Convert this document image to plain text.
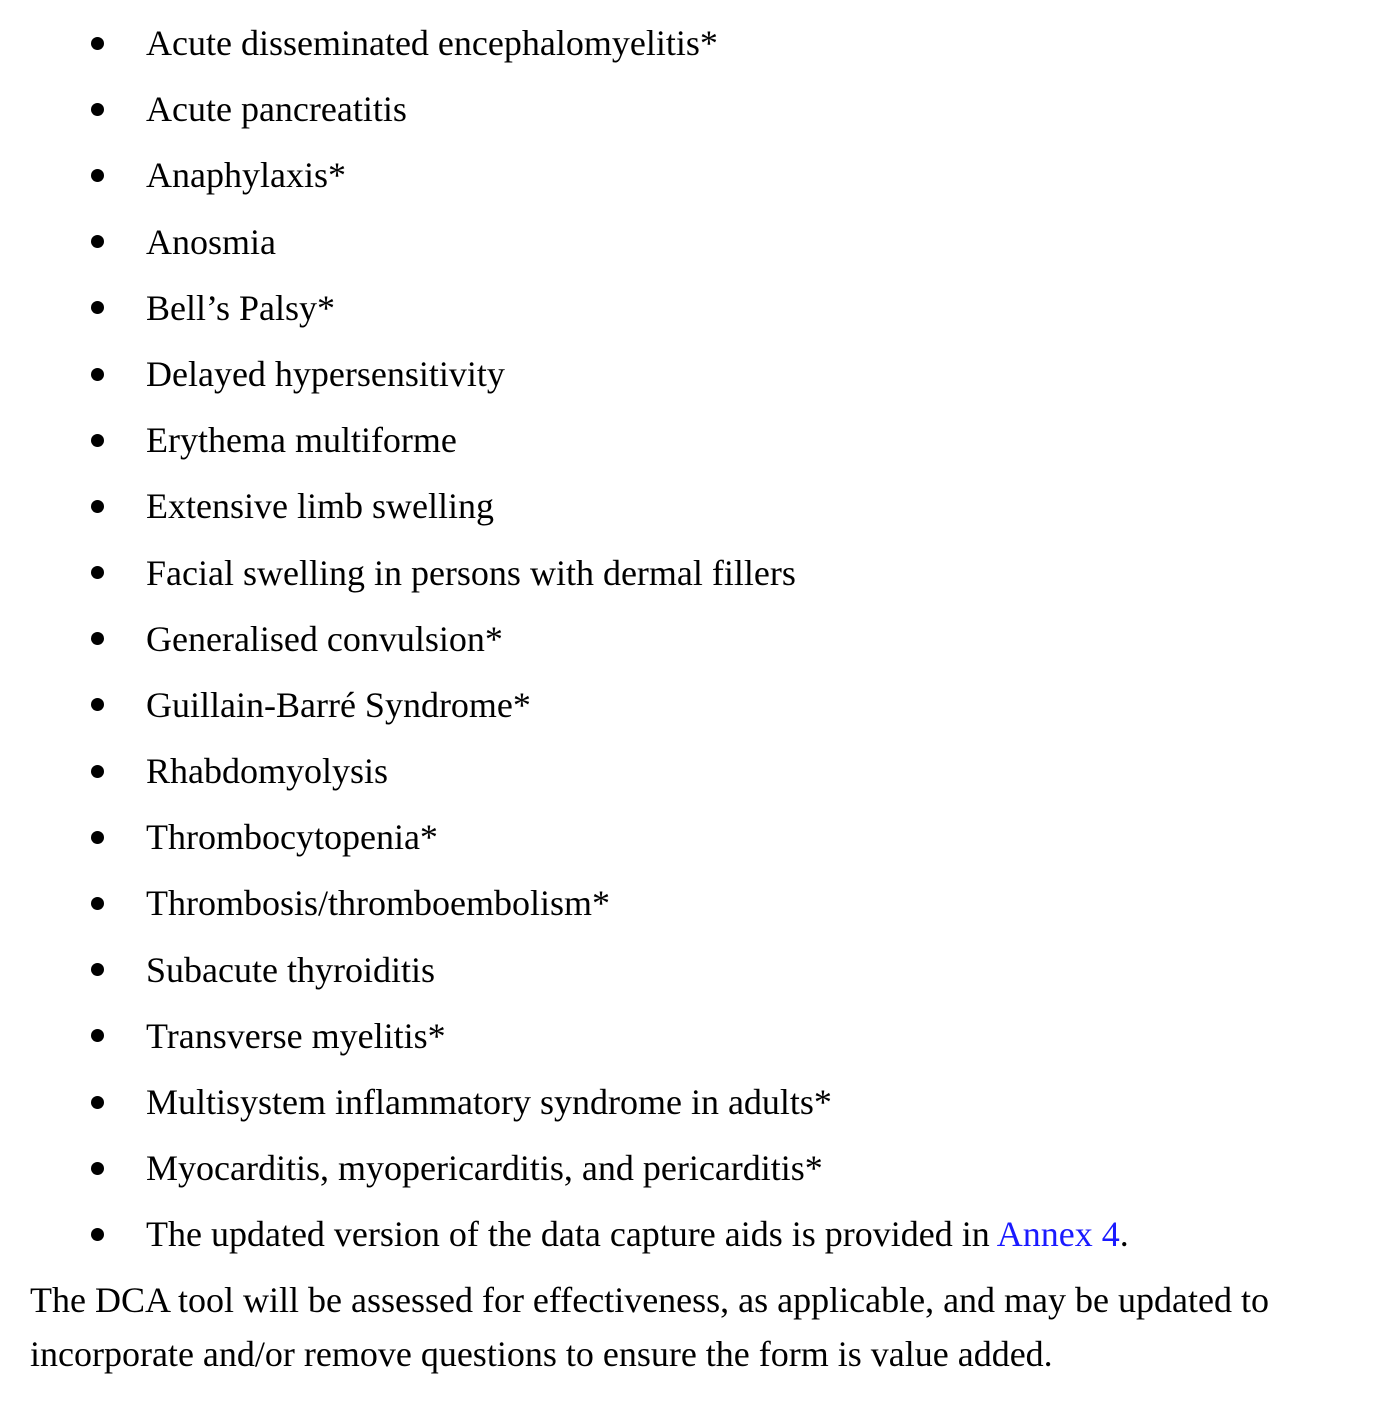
Acute disseminated encephalomyelitis*
Acute pancreatitis
Anaphylaxis*
Anosmia
Bell’s Palsy*
Delayed hypersensitivity
Erythema multiforme
Extensive limb swelling
Facial swelling in persons with dermal fillers
Generalised convulsion*
Guillain-Barré Syndrome*
Rhabdomyolysis
Thrombocytopenia*
Thrombosis/thromboembolism*
Subacute thyroiditis
Transverse myelitis*
Multisystem inflammatory syndrome in adults*
Myocarditis, myopericarditis, and pericarditis*
The updated version of the data capture aids is provided in Annex 4.

The DCA tool will be assessed for effectiveness, as applicable, and may be updated to
incorporate and/or remove questions to ensure the form is value added.
